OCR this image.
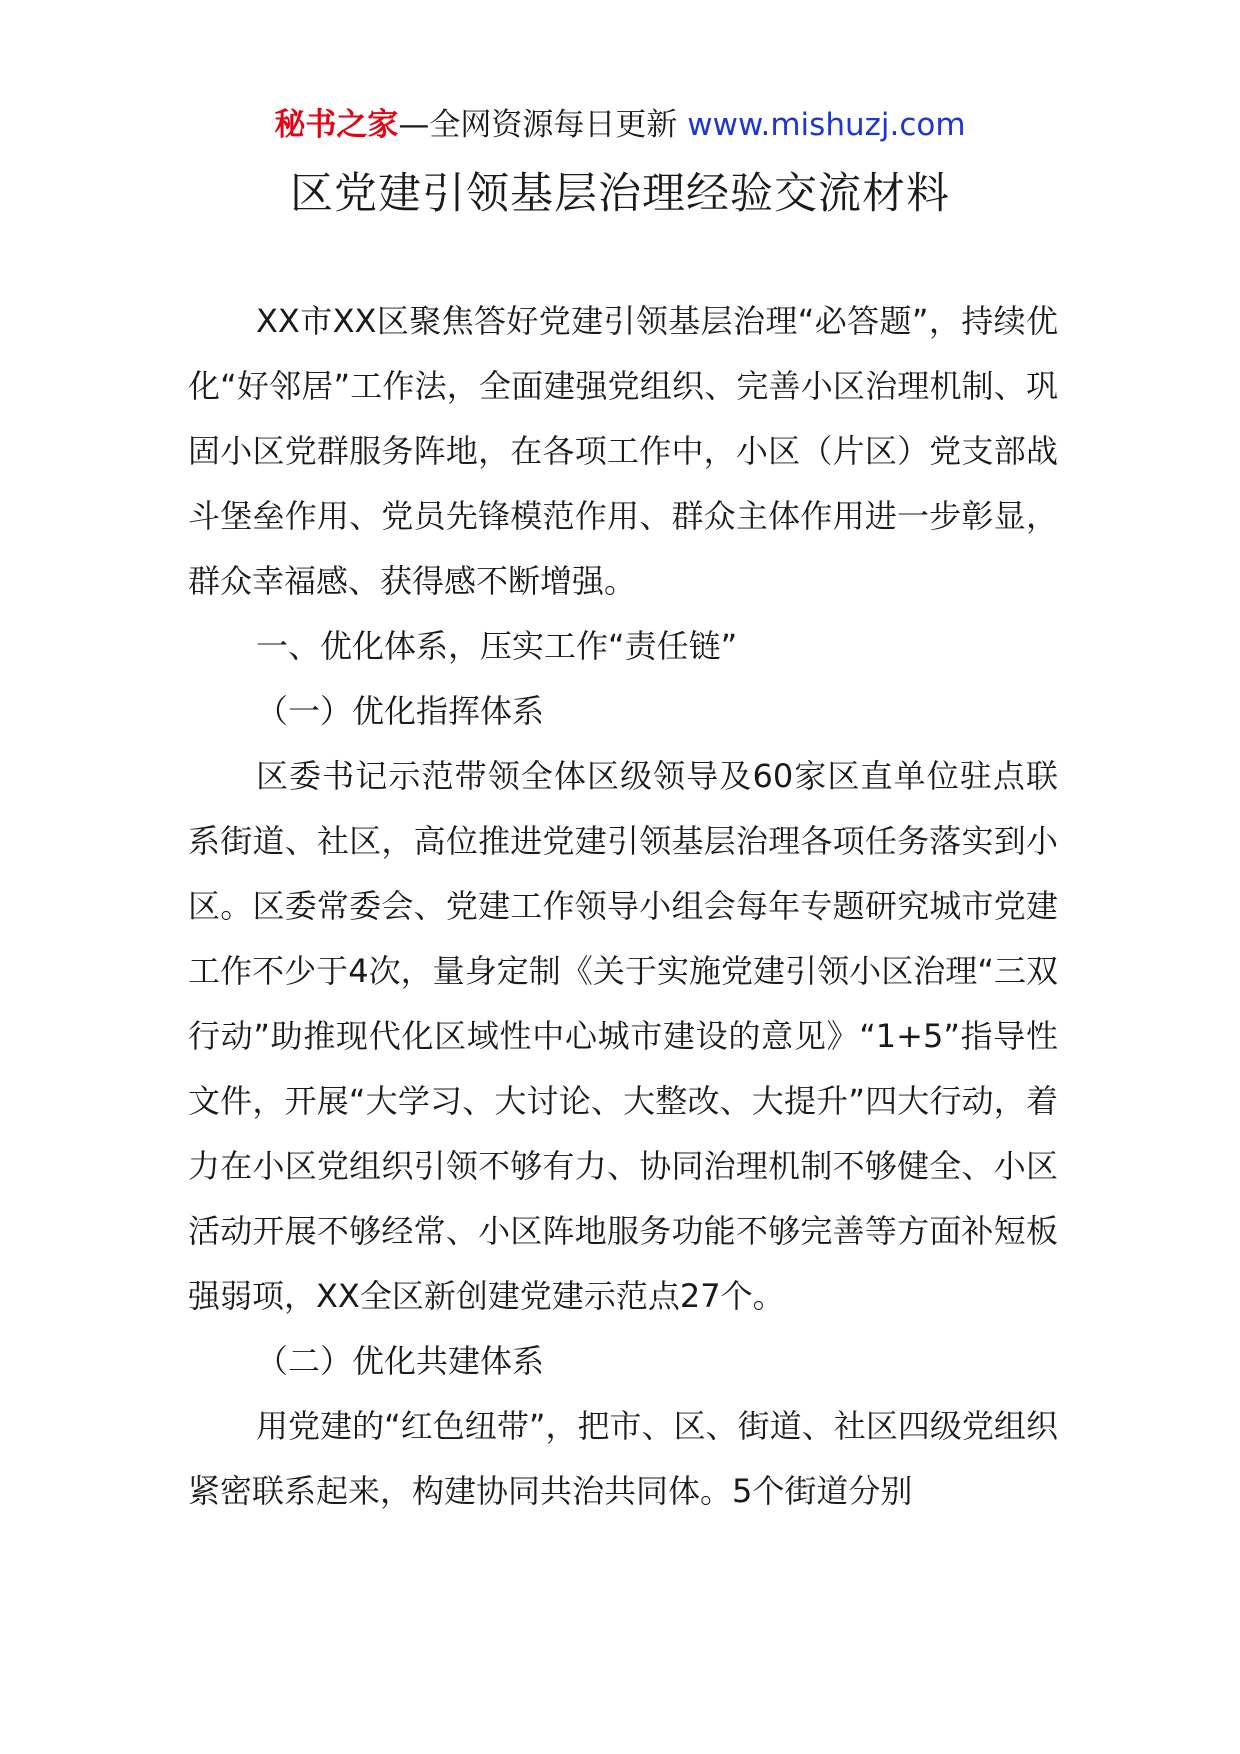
秘书之家—全网资源每日更新 www.mishuzj.com
区党建引领基层治理经验交流材料

XX市XX区聚焦答好党建引领基层治理“必答题”，持续优化“好邻居”工作法，全面建强党组织、完善小区治理机制、巩固小区党群服务阵地，在各项工作中，小区（片区）党支部战斗堡垒作用、党员先锋模范作用、群众主体作用进一步彰显，群众幸福感、获得感不断增强。

一、优化体系，压实工作“责任链”

（一）优化指挥体系

区委书记示范带领全体区级领导及60家区直单位驻点联系街道、社区，高位推进党建引领基层治理各项任务落实到小区。区委常委会、党建工作领导小组会每年专题研究城市党建工作不少于4次，量身定制《关于实施党建引领小区治理“三双行动”助推现代化区域性中心城市建设的意见》“1+5”指导性文件，开展“大学习、大讨论、大整改、大提升”四大行动，着力在小区党组织引领不够有力、协同治理机制不够健全、小区活动开展不够经常、小区阵地服务功能不够完善等方面补短板强弱项，XX全区新创建党建示范点27个。

（二）优化共建体系

用党建的“红色纽带”，把市、区、街道、社区四级党组织紧密联系起来，构建协同共治共同体。5个街道分别
